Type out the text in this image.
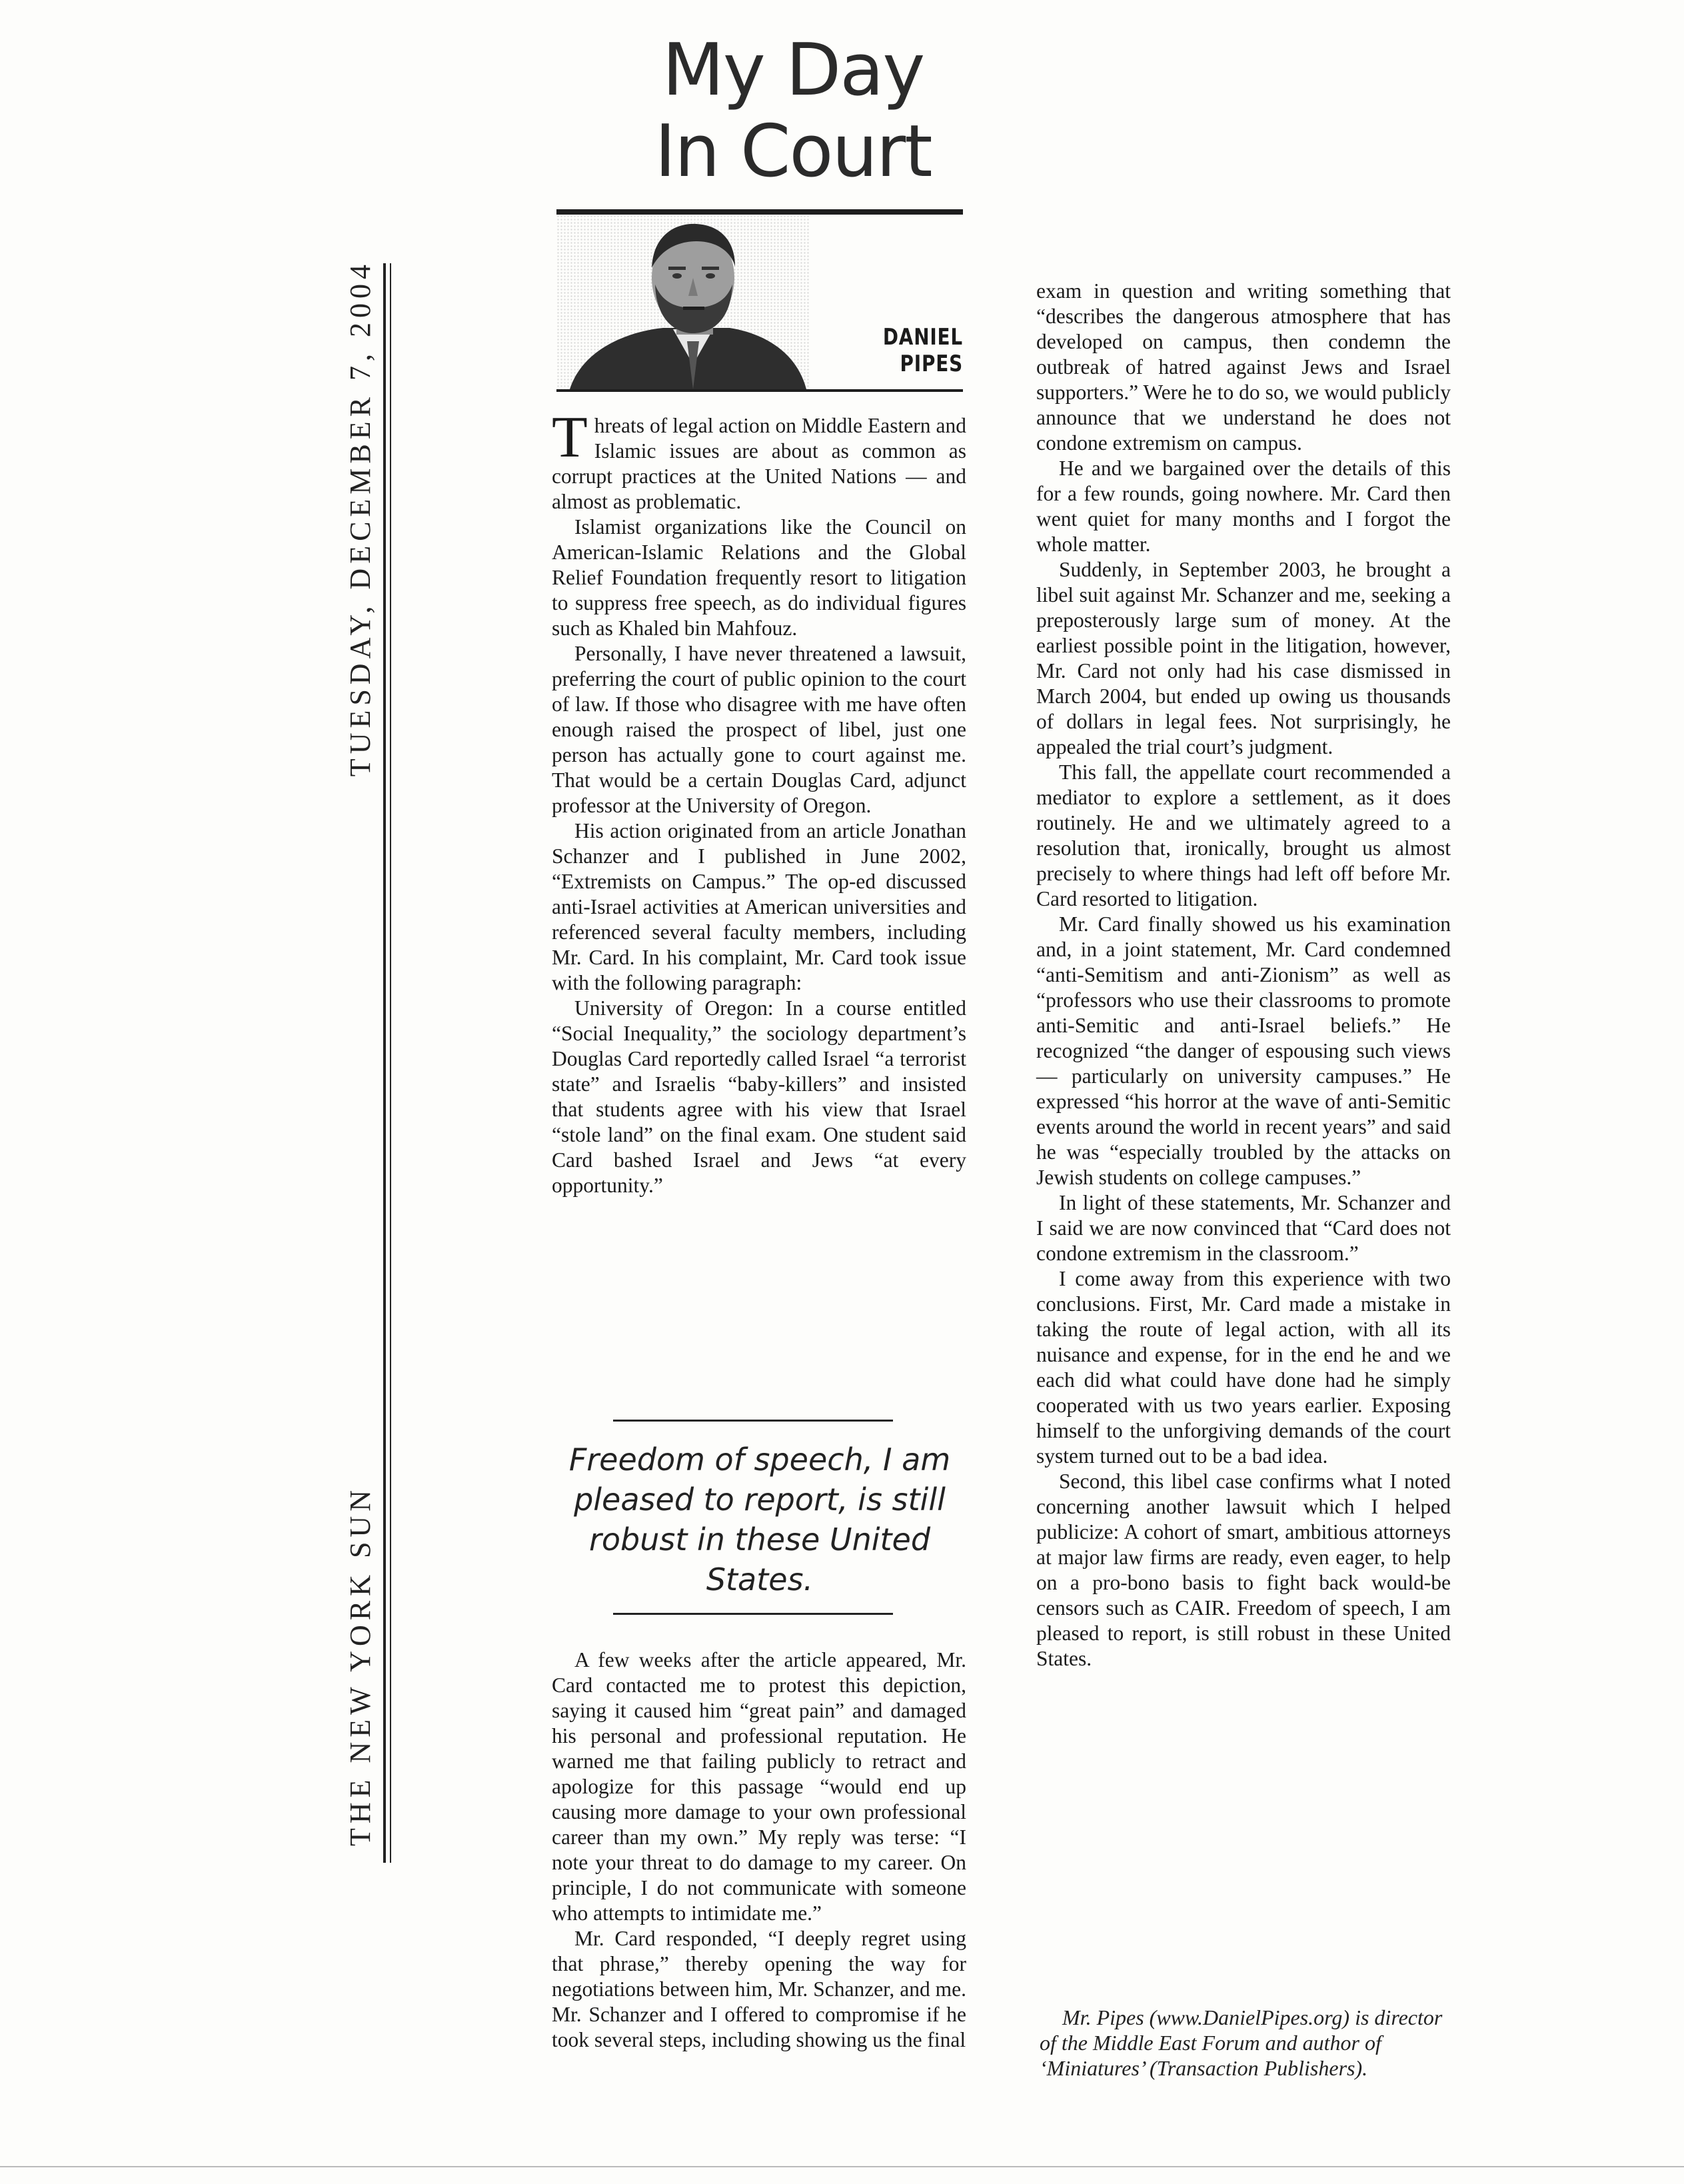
THE NEW YORK SUN
TUESDAY, DECEMBER 7, 2004
My Day
In Court
DANIEL
PIPES

Threats of legal action on Middle Eastern and Islamic issues are about as common as corrupt practices at the United Nations — and almost as problematic.

Islamist organizations like the Council on American-Islamic Relations and the Global Relief Foundation frequently resort to litigation to suppress free speech, as do individual figures such as Khaled bin Mahfouz.

Personally, I have never threatened a lawsuit, preferring the court of public opinion to the court of law. If those who disagree with me have often enough raised the prospect of libel, just one person has actually gone to court against me. That would be a certain Douglas Card, adjunct professor at the University of Oregon.

His action originated from an article Jonathan Schanzer and I published in June 2002, “Extremists on Campus.” The op-ed discussed anti-Israel activities at American universities and referenced several faculty members, including Mr. Card. In his complaint, Mr. Card took issue with the following paragraph:

University of Oregon: In a course entitled “Social Inequality,” the sociology department’s Douglas Card reportedly called Israel “a terrorist state” and Israelis “baby-killers” and insisted that students agree with his view that Israel “stole land” on the final exam. One student said Card bashed Israel and Jews “at every opportunity.”

Freedom of speech, I am pleased to report, is still robust in these United States.

A few weeks after the article appeared, Mr. Card contacted me to protest this depiction, saying it caused him “great pain” and damaged his personal and professional reputation. He warned me that failing publicly to retract and apologize for this passage “would end up causing more damage to your own professional career than my own.” My reply was terse: “I note your threat to do damage to my career. On principle, I do not communicate with someone who attempts to intimidate me.”

Mr. Card responded, “I deeply regret using that phrase,” thereby opening the way for negotiations between him, Mr. Schanzer, and me. Mr. Schanzer and I offered to compromise if he took several steps, including showing us the final

exam in question and writing something that “describes the dangerous atmosphere that has developed on campus, then condemn the outbreak of hatred against Jews and Israel supporters.” Were he to do so, we would publicly announce that we understand he does not condone extremism on campus.

He and we bargained over the details of this for a few rounds, going nowhere. Mr. Card then went quiet for many months and I forgot the whole matter.

Suddenly, in September 2003, he brought a libel suit against Mr. Schanzer and me, seeking a preposterously large sum of money. At the earliest possible point in the litigation, however, Mr. Card not only had his case dismissed in March 2004, but ended up owing us thousands of dollars in legal fees. Not surprisingly, he appealed the trial court’s judgment.

This fall, the appellate court recommended a mediator to explore a settlement, as it does routinely. He and we ultimately agreed to a resolution that, ironically, brought us almost precisely to where things had left off before Mr. Card resorted to litigation.

Mr. Card finally showed us his examination and, in a joint statement, Mr. Card condemned “anti-Semitism and anti-Zionism” as well as “professors who use their classrooms to promote anti-Semitic and anti-Israel beliefs.” He recognized “the danger of espousing such views — particularly on university campuses.” He expressed “his horror at the wave of anti-Semitic events around the world in recent years” and said he was “especially troubled by the attacks on Jewish students on college campuses.”

In light of these statements, Mr. Schanzer and I said we are now convinced that “Card does not condone extremism in the classroom.”

I come away from this experience with two conclusions. First, Mr. Card made a mistake in taking the route of legal action, with all its nuisance and expense, for in the end he and we each did what could have done had he simply cooperated with us two years earlier. Exposing himself to the unforgiving demands of the court system turned out to be a bad idea.

Second, this libel case confirms what I noted concerning another lawsuit which I helped publicize: A cohort of smart, ambitious attorneys at major law firms are ready, even eager, to help on a pro-bono basis to fight back would-be censors such as CAIR. Freedom of speech, I am pleased to report, is still robust in these United States.

Mr. Pipes (www.DanielPipes.org) is director of the Middle East Forum and author of ‘Miniatures’ (Transaction Publishers).
